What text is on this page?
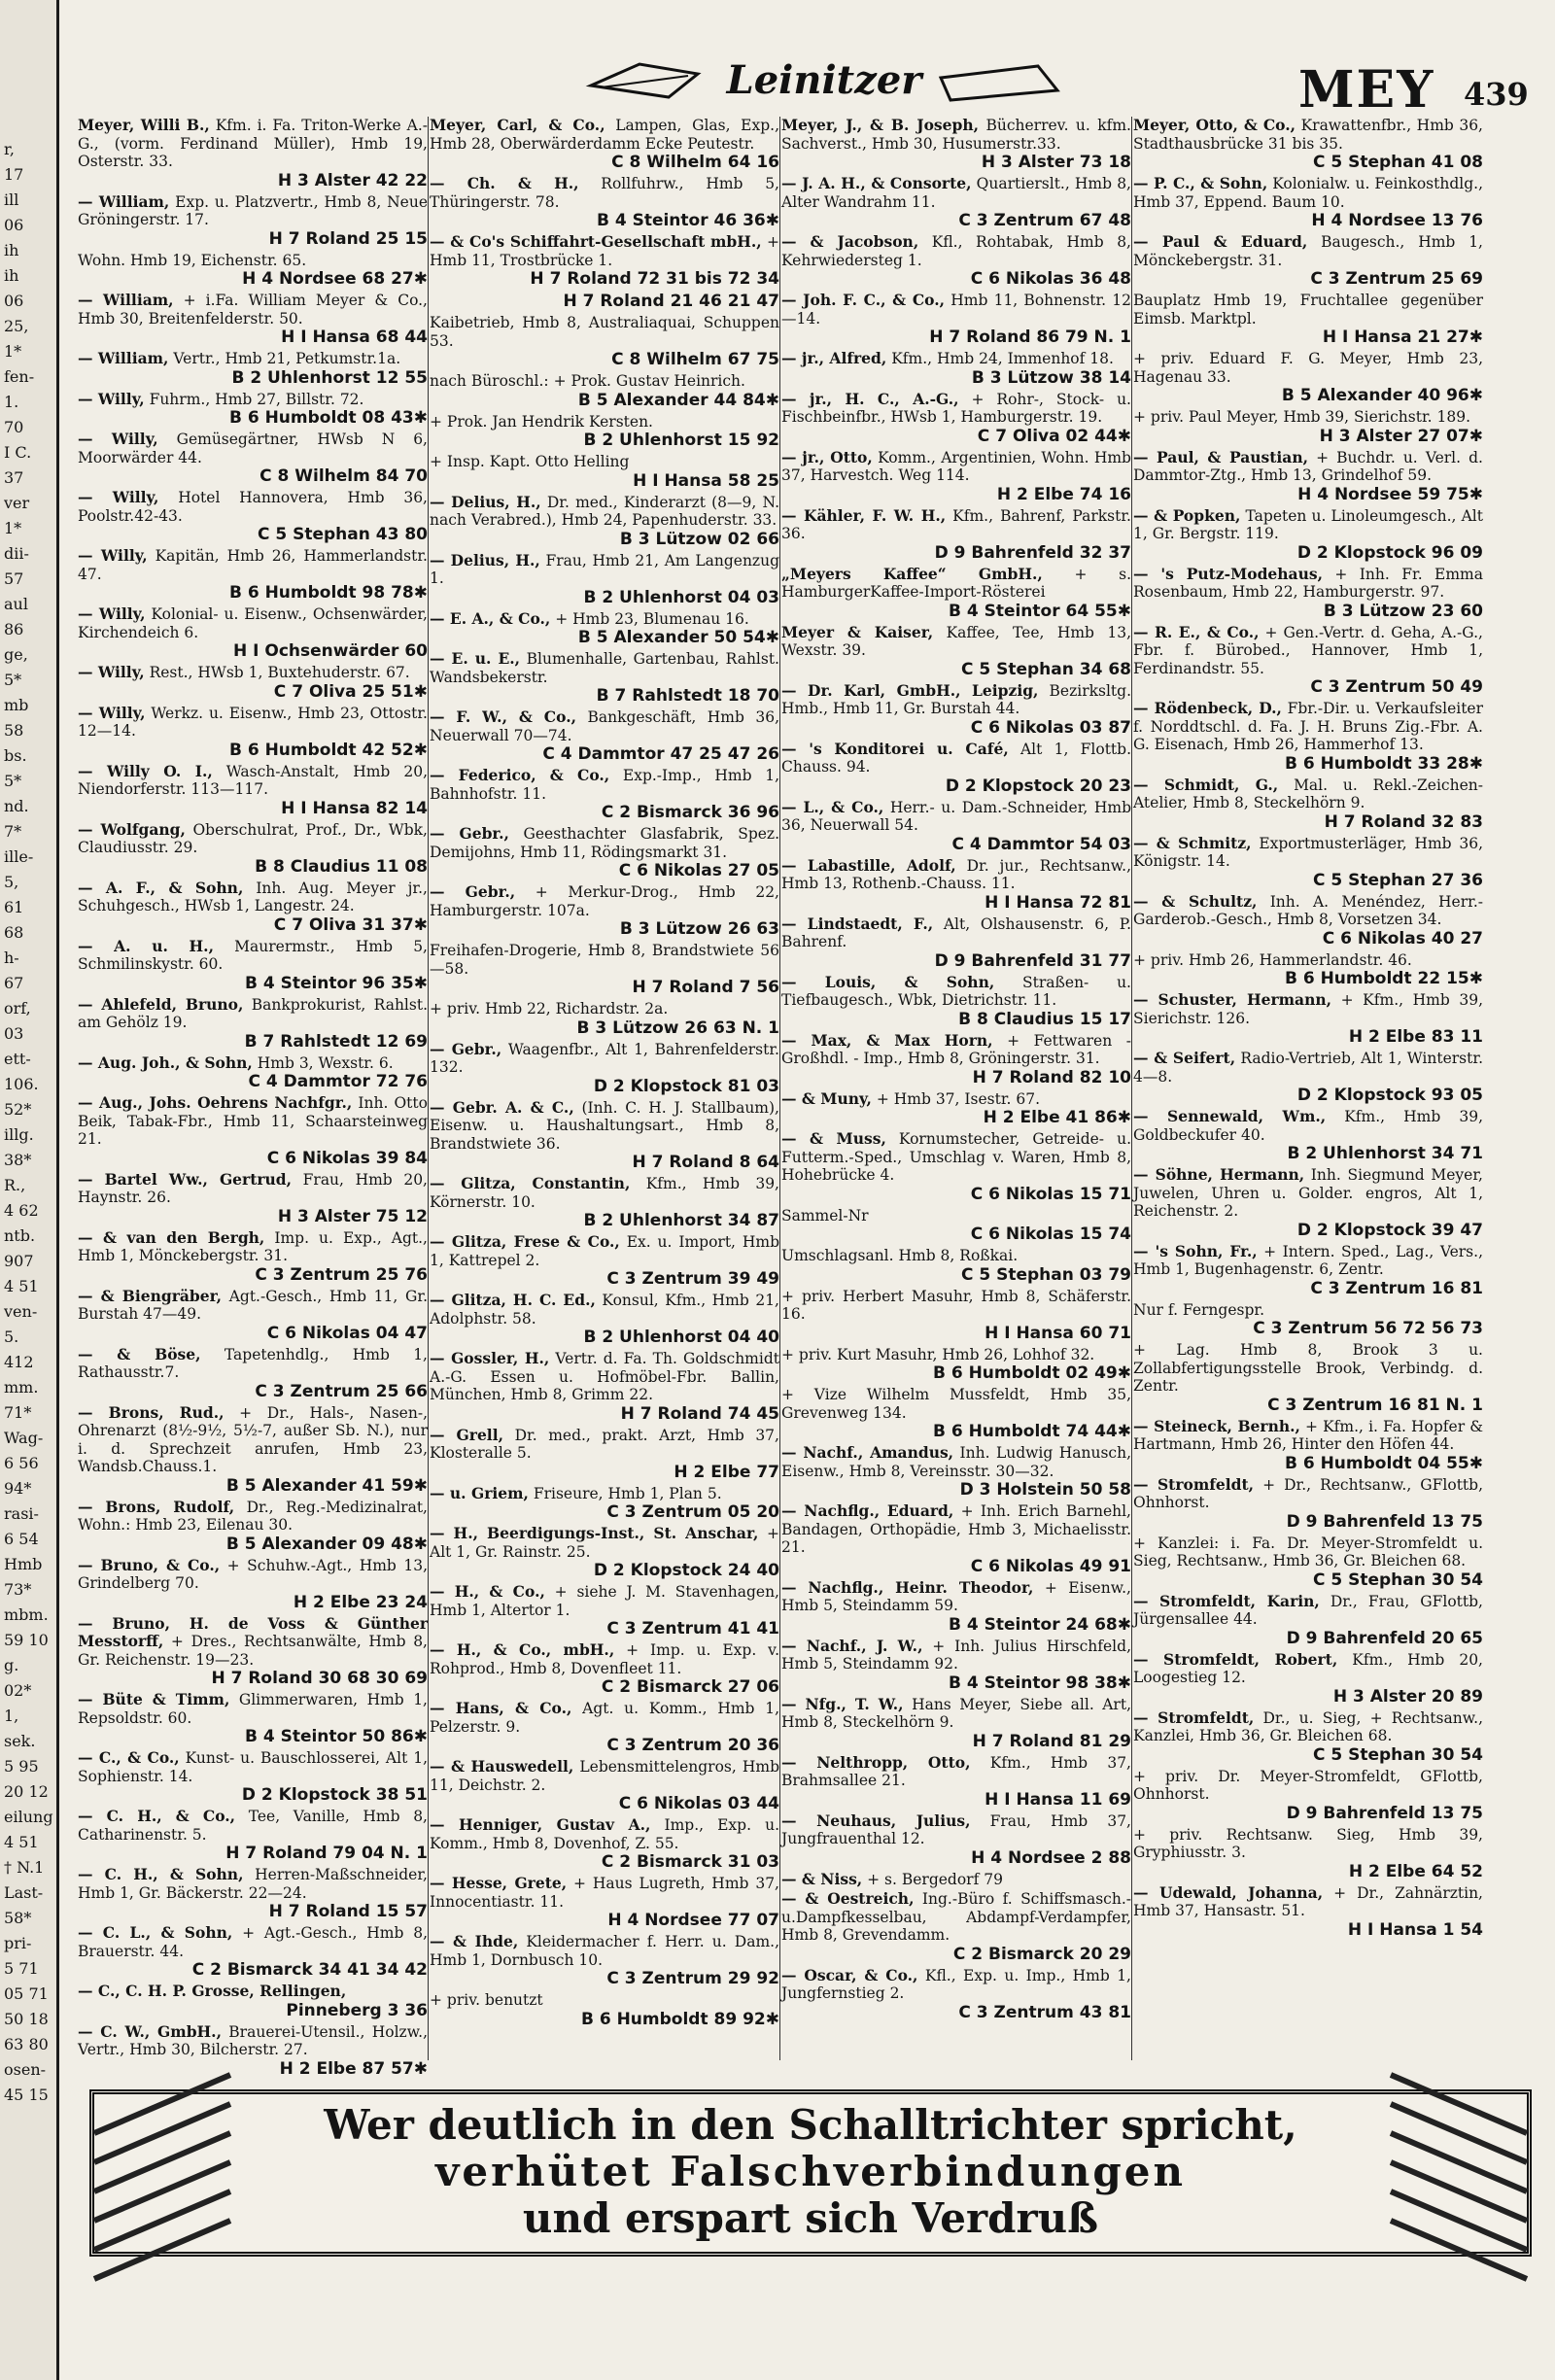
r,
17
ill
06
ih
ih
06
25,
1*
fen-
1.
70
I C.
37
ver
1*
dii-
57
aul
86
ge,
5*
mb
58
bs.
5*
nd.
7*
ille-
5,
61
68
h-
67
orf,
03
ett-
106.
52*
illg.
38*
R.,
4 62
ntb.
907
4 51
ven-
5.
412
mm.
71*
Wag-
6 56
94*
rasi-
6 54
Hmb
73*
mbm.
59 10
g.
02*
1,
sek.
5 95
20 12
eilung
4 51
† N.1
Last-
58*
pri-
5 71
05 71
50 18
63 80
osen-
45 15
Leinitzer	MEY 439
Meyer, Willi B., Kfm. i. Fa. Triton-Werke A.-G., (vorm. Ferdinand Müller), Hmb 19, Osterstr. 33.
H 3 Alster 42 22
— William, Exp. u. Platzvertr., Hmb 8, Neue Gröningerstr. 17.
H 7 Roland 25 15
Wohn. Hmb 19, Eichenstr. 65.
H 4 Nordsee 68 27✱
— William, + i.Fa. William Meyer & Co., Hmb 30, Breitenfelderstr. 50.
H I Hansa 68 44
— William, Vertr., Hmb 21, Petkumstr.1a.
B 2 Uhlenhorst 12 55
— Willy, Fuhrm., Hmb 27, Billstr. 72.
B 6 Humboldt 08 43✱
— Willy, Gemüsegärtner, HWsb N 6, Moorwärder 44.
C 8 Wilhelm 84 70
— Willy, Hotel Hannovera, Hmb 36, Poolstr.42-43.
C 5 Stephan 43 80
— Willy, Kapitän, Hmb 26, Hammerlandstr. 47.
B 6 Humboldt 98 78✱
— Willy, Kolonial- u. Eisenw., Ochsenwärder, Kirchendeich 6.
H I Ochsenwärder 60
— Willy, Rest., HWsb 1, Buxtehuderstr. 67.
C 7 Oliva 25 51✱
— Willy, Werkz. u. Eisenw., Hmb 23, Ottostr. 12—14.
B 6 Humboldt 42 52✱
— Willy O. I., Wasch-Anstalt, Hmb 20, Niendorferstr. 113—117.
H I Hansa 82 14
— Wolfgang, Oberschulrat, Prof., Dr., Wbk, Claudiusstr. 29.
B 8 Claudius 11 08
— A. F., & Sohn, Inh. Aug. Meyer jr., Schuhgesch., HWsb 1, Langestr. 24.
C 7 Oliva 31 37✱
— A. u. H., Maurermstr., Hmb 5, Schmilinskystr. 60.
B 4 Steintor 96 35✱
— Ahlefeld, Bruno, Bankprokurist, Rahlst. am Gehölz 19.
B 7 Rahlstedt 12 69
— Aug. Joh., & Sohn, Hmb 3, Wexstr. 6.
C 4 Dammtor 72 76
— Aug., Johs. Oehrens Nachfgr., Inh. Otto Beik, Tabak-Fbr., Hmb 11, Schaarsteinweg 21.
C 6 Nikolas 39 84
— Bartel Ww., Gertrud, Frau, Hmb 20, Haynstr. 26.
H 3 Alster 75 12
— & van den Bergh, Imp. u. Exp., Agt., Hmb 1, Mönckebergstr. 31.
C 3 Zentrum 25 76
— & Biengräber, Agt.-Gesch., Hmb 11, Gr. Burstah 47—49.
C 6 Nikolas 04 47
— & Böse, Tapetenhdlg., Hmb 1, Rathausstr.7.
C 3 Zentrum 25 66
— Brons, Rud., + Dr., Hals-, Nasen-, Ohrenarzt (8½-9½, 5½-7, außer Sb. N.), nur i. d. Sprechzeit anrufen, Hmb 23, Wandsb.Chauss.1.
B 5 Alexander 41 59✱
— Brons, Rudolf, Dr., Reg.-Medizinalrat, Wohn.: Hmb 23, Eilenau 30.
B 5 Alexander 09 48✱
— Bruno, & Co., + Schuhw.-Agt., Hmb 13, Grindelberg 70.
H 2 Elbe 23 24
— Bruno, H. de Voss & Günther Messtorff, + Dres., Rechtsanwälte, Hmb 8, Gr. Reichenstr. 19—23.
H 7 Roland 30 68 30 69
— Büte & Timm, Glimmerwaren, Hmb 1, Repsoldstr. 60.
B 4 Steintor 50 86✱
— C., & Co., Kunst- u. Bauschlosserei, Alt 1, Sophienstr. 14.
D 2 Klopstock 38 51
— C. H., & Co., Tee, Vanille, Hmb 8, Catharinenstr. 5.
H 7 Roland 79 04 N. 1
— C. H., & Sohn, Herren-Maßschneider, Hmb 1, Gr. Bäckerstr. 22—24.
H 7 Roland 15 57
— C. L., & Sohn, + Agt.-Gesch., Hmb 8, Brauerstr. 44.
C 2 Bismarck 34 41 34 42
— C., C. H. P. Grosse, Rellingen,
Pinneberg 3 36
— C. W., GmbH., Brauerei-Utensil., Holzw., Vertr., Hmb 30, Bilcherstr. 27.
H 2 Elbe 87 57✱
Meyer, Carl, & Co., Lampen, Glas, Exp., Hmb 28, Oberwärderdamm Ecke Peutestr.
C 8 Wilhelm 64 16
— Ch. & H., Rollfuhrw., Hmb 5, Thüringerstr. 78.
B 4 Steintor 46 36✱
— & Co's Schiffahrt-Gesellschaft mbH., + Hmb 11, Trostbrücke 1.
H 7 Roland 72 31 bis 72 34
H 7 Roland 21 46 21 47
Kaibetrieb, Hmb 8, Australiaquai, Schuppen 53.
C 8 Wilhelm 67 75
nach Büroschl.: + Prok. Gustav Heinrich.
B 5 Alexander 44 84✱
+ Prok. Jan Hendrik Kersten.
B 2 Uhlenhorst 15 92
+ Insp. Kapt. Otto Helling
H I Hansa 58 25
— Delius, H., Dr. med., Kinderarzt (8—9, N. nach Verabred.), Hmb 24, Papenhuderstr. 33.
B 3 Lützow 02 66
— Delius, H., Frau, Hmb 21, Am Langenzug 1.
B 2 Uhlenhorst 04 03
— E. A., & Co., + Hmb 23, Blumenau 16.
B 5 Alexander 50 54✱
— E. u. E., Blumenhalle, Gartenbau, Rahlst. Wandsbekerstr.
B 7 Rahlstedt 18 70
— F. W., & Co., Bankgeschäft, Hmb 36, Neuerwall 70—74.
C 4 Dammtor 47 25 47 26
— Federico, & Co., Exp.-Imp., Hmb 1, Bahnhofstr. 11.
C 2 Bismarck 36 96
— Gebr., Geesthachter Glasfabrik, Spez. Demijohns, Hmb 11, Rödingsmarkt 31.
C 6 Nikolas 27 05
— Gebr., + Merkur-Drog., Hmb 22, Hamburgerstr. 107a.
B 3 Lützow 26 63
Freihafen-Drogerie, Hmb 8, Brandstwiete 56—58.
H 7 Roland 7 56
+ priv. Hmb 22, Richardstr. 2a.
B 3 Lützow 26 63 N. 1
— Gebr., Waagenfbr., Alt 1, Bahrenfelderstr. 132.
D 2 Klopstock 81 03
— Gebr. A. & C., (Inh. C. H. J. Stallbaum), Eisenw. u. Haushaltungsart., Hmb 8, Brandstwiete 36.
H 7 Roland 8 64
— Glitza, Constantin, Kfm., Hmb 39, Körnerstr. 10.
B 2 Uhlenhorst 34 87
— Glitza, Frese & Co., Ex. u. Import, Hmb 1, Kattrepel 2.
C 3 Zentrum 39 49
— Glitza, H. C. Ed., Konsul, Kfm., Hmb 21, Adolphstr. 58.
B 2 Uhlenhorst 04 40
— Gossler, H., Vertr. d. Fa. Th. Goldschmidt A.-G. Essen u. Hofmöbel-Fbr. Ballin, München, Hmb 8, Grimm 22.
H 7 Roland 74 45
— Grell, Dr. med., prakt. Arzt, Hmb 37, Klosteralle 5.
H 2 Elbe 77
— u. Griem, Friseure, Hmb 1, Plan 5.
C 3 Zentrum 05 20
— H., Beerdigungs-Inst., St. Anschar, + Alt 1, Gr. Rainstr. 25.
D 2 Klopstock 24 40
— H., & Co., + siehe J. M. Stavenhagen, Hmb 1, Altertor 1.
C 3 Zentrum 41 41
— H., & Co., mbH., + Imp. u. Exp. v. Rohprod., Hmb 8, Dovenfleet 11.
C 2 Bismarck 27 06
— Hans, & Co., Agt. u. Komm., Hmb 1, Pelzerstr. 9.
C 3 Zentrum 20 36
— & Hauswedell, Lebensmittelengros, Hmb 11, Deichstr. 2.
C 6 Nikolas 03 44
— Henniger, Gustav A., Imp., Exp. u. Komm., Hmb 8, Dovenhof, Z. 55.
C 2 Bismarck 31 03
— Hesse, Grete, + Haus Lugreth, Hmb 37, Innocentiastr. 11.
H 4 Nordsee 77 07
— & Ihde, Kleidermacher f. Herr. u. Dam., Hmb 1, Dornbusch 10.
C 3 Zentrum 29 92
+ priv. benutzt
B 6 Humboldt 89 92✱
Meyer, J., & B. Joseph, Bücherrev. u. kfm. Sachverst., Hmb 30, Husumerstr.33.
H 3 Alster 73 18
— J. A. H., & Consorte, Quartierslt., Hmb 8, Alter Wandrahm 11.
C 3 Zentrum 67 48
— & Jacobson, Kfl., Rohtabak, Hmb 8, Kehrwiedersteg 1.
C 6 Nikolas 36 48
— Joh. F. C., & Co., Hmb 11, Bohnenstr. 12—14.
H 7 Roland 86 79 N. 1
— jr., Alfred, Kfm., Hmb 24, Immenhof 18.
B 3 Lützow 38 14
— jr., H. C., A.-G., + Rohr-, Stock- u. Fischbeinfbr., HWsb 1, Hamburgerstr. 19.
C 7 Oliva 02 44✱
— jr., Otto, Komm., Argentinien, Wohn. Hmb 37, Harvestch. Weg 114.
H 2 Elbe 74 16
— Kähler, F. W. H., Kfm., Bahrenf, Parkstr. 36.
D 9 Bahrenfeld 32 37
„Meyers Kaffee“ GmbH., + s. HamburgerKaffee-Import-Rösterei
B 4 Steintor 64 55✱
Meyer & Kaiser, Kaffee, Tee, Hmb 13, Wexstr. 39.
C 5 Stephan 34 68
— Dr. Karl, GmbH., Leipzig, Bezirksltg. Hmb., Hmb 11, Gr. Burstah 44.
C 6 Nikolas 03 87
— 's Konditorei u. Café, Alt 1, Flottb. Chauss. 94.
D 2 Klopstock 20 23
— L., & Co., Herr.- u. Dam.-Schneider, Hmb 36, Neuerwall 54.
C 4 Dammtor 54 03
— Labastille, Adolf, Dr. jur., Rechtsanw., Hmb 13, Rothenb.-Chauss. 11.
H I Hansa 72 81
— Lindstaedt, F., Alt, Olshausenstr. 6, P. Bahrenf.
D 9 Bahrenfeld 31 77
— Louis, & Sohn, Straßen- u. Tiefbaugesch., Wbk, Dietrichstr. 11.
B 8 Claudius 15 17
— Max, & Max Horn, + Fettwaren - Großhdl. - Imp., Hmb 8, Gröningerstr. 31.
H 7 Roland 82 10
— & Muny, + Hmb 37, Isestr. 67.
H 2 Elbe 41 86✱
— & Muss, Kornumstecher, Getreide- u. Futterm.-Sped., Umschlag v. Waren, Hmb 8, Hohebrücke 4.
C 6 Nikolas 15 71
Sammel-Nr
C 6 Nikolas 15 74
Umschlagsanl. Hmb 8, Roßkai.
C 5 Stephan 03 79
+ priv. Herbert Masuhr, Hmb 8, Schäferstr. 16.
H I Hansa 60 71
+ priv. Kurt Masuhr, Hmb 26, Lohhof 32.
B 6 Humboldt 02 49✱
+ Vize Wilhelm Mussfeldt, Hmb 35, Grevenweg 134.
B 6 Humboldt 74 44✱
— Nachf., Amandus, Inh. Ludwig Hanusch, Eisenw., Hmb 8, Vereinsstr. 30—32.
D 3 Holstein 50 58
— Nachflg., Eduard, + Inh. Erich Barnehl, Bandagen, Orthopädie, Hmb 3, Michaelisstr. 21.
C 6 Nikolas 49 91
— Nachflg., Heinr. Theodor, + Eisenw., Hmb 5, Steindamm 59.
B 4 Steintor 24 68✱
— Nachf., J. W., + Inh. Julius Hirschfeld, Hmb 5, Steindamm 92.
B 4 Steintor 98 38✱
— Nfg., T. W., Hans Meyer, Siebe all. Art, Hmb 8, Steckelhörn 9.
H 7 Roland 81 29
— Nelthropp, Otto, Kfm., Hmb 37, Brahmsallee 21.
H I Hansa 11 69
— Neuhaus, Julius, Frau, Hmb 37, Jungfrauenthal 12.
H 4 Nordsee 2 88
— & Niss, + s. Bergedorf 79
— & Oestreich, Ing.-Büro f. Schiffsmasch.- u.Dampfkesselbau, Abdampf-Verdampfer, Hmb 8, Grevendamm.
C 2 Bismarck 20 29
— Oscar, & Co., Kfl., Exp. u. Imp., Hmb 1, Jungfernstieg 2.
C 3 Zentrum 43 81
Meyer, Otto, & Co., Krawattenfbr., Hmb 36, Stadthausbrücke 31 bis 35.
C 5 Stephan 41 08
— P. C., & Sohn, Kolonialw. u. Feinkosthdlg., Hmb 37, Eppend. Baum 10.
H 4 Nordsee 13 76
— Paul & Eduard, Baugesch., Hmb 1, Mönckebergstr. 31.
C 3 Zentrum 25 69
Bauplatz Hmb 19, Fruchtallee gegenüber Eimsb. Marktpl.
H I Hansa 21 27✱
+ priv. Eduard F. G. Meyer, Hmb 23, Hagenau 33.
B 5 Alexander 40 96✱
+ priv. Paul Meyer, Hmb 39, Sierichstr. 189.
H 3 Alster 27 07✱
— Paul, & Paustian, + Buchdr. u. Verl. d. Dammtor-Ztg., Hmb 13, Grindelhof 59.
H 4 Nordsee 59 75✱
— & Popken, Tapeten u. Linoleumgesch., Alt 1, Gr. Bergstr. 119.
D 2 Klopstock 96 09
— 's Putz-Modehaus, + Inh. Fr. Emma Rosenbaum, Hmb 22, Hamburgerstr. 97.
B 3 Lützow 23 60
— R. E., & Co., + Gen.-Vertr. d. Geha, A.-G., Fbr. f. Bürobed., Hannover, Hmb 1, Ferdinandstr. 55.
C 3 Zentrum 50 49
— Rödenbeck, D., Fbr.-Dir. u. Verkaufsleiter f. Norddtschl. d. Fa. J. H. Bruns Zig.-Fbr. A. G. Eisenach, Hmb 26, Hammerhof 13.
B 6 Humboldt 33 28✱
— Schmidt, G., Mal. u. Rekl.-Zeichen-Atelier, Hmb 8, Steckelhörn 9.
H 7 Roland 32 83
— & Schmitz, Exportmusterläger, Hmb 36, Königstr. 14.
C 5 Stephan 27 36
— & Schultz, Inh. A. Menéndez, Herr.-Garderob.-Gesch., Hmb 8, Vorsetzen 34.
C 6 Nikolas 40 27
+ priv. Hmb 26, Hammerlandstr. 46.
B 6 Humboldt 22 15✱
— Schuster, Hermann, + Kfm., Hmb 39, Sierichstr. 126.
H 2 Elbe 83 11
— & Seifert, Radio-Vertrieb, Alt 1, Winterstr. 4—8.
D 2 Klopstock 93 05
— Sennewald, Wm., Kfm., Hmb 39, Goldbeckufer 40.
B 2 Uhlenhorst 34 71
— Söhne, Hermann, Inh. Siegmund Meyer, Juwelen, Uhren u. Golder. engros, Alt 1, Reichenstr. 2.
D 2 Klopstock 39 47
— 's Sohn, Fr., + Intern. Sped., Lag., Vers., Hmb 1, Bugenhagenstr. 6, Zentr.
C 3 Zentrum 16 81
Nur f. Ferngespr.
C 3 Zentrum 56 72 56 73
+ Lag. Hmb 8, Brook 3 u. Zollabfertigungsstelle Brook, Verbindg. d. Zentr.
C 3 Zentrum 16 81 N. 1
— Steineck, Bernh., + Kfm., i. Fa. Hopfer & Hartmann, Hmb 26, Hinter den Höfen 44.
B 6 Humboldt 04 55✱
— Stromfeldt, + Dr., Rechtsanw., GFlottb, Ohnhorst.
D 9 Bahrenfeld 13 75
+ Kanzlei: i. Fa. Dr. Meyer-Stromfeldt u. Sieg, Rechtsanw., Hmb 36, Gr. Bleichen 68.
C 5 Stephan 30 54
— Stromfeldt, Karin, Dr., Frau, GFlottb, Jürgensallee 44.
D 9 Bahrenfeld 20 65
— Stromfeldt, Robert, Kfm., Hmb 20, Loogestieg 12.
H 3 Alster 20 89
— Stromfeldt, Dr., u. Sieg, + Rechtsanw., Kanzlei, Hmb 36, Gr. Bleichen 68.
C 5 Stephan 30 54
+ priv. Dr. Meyer-Stromfeldt, GFlottb, Ohnhorst.
D 9 Bahrenfeld 13 75
+ priv. Rechtsanw. Sieg, Hmb 39, Gryphiusstr. 3.
H 2 Elbe 64 52
— Udewald, Johanna, + Dr., Zahnärztin, Hmb 37, Hansastr. 51.
H I Hansa 1 54
Wer deutlich in den Schalltrichter spricht,
verhütet Falschverbindungen
und erspart sich Verdruß
